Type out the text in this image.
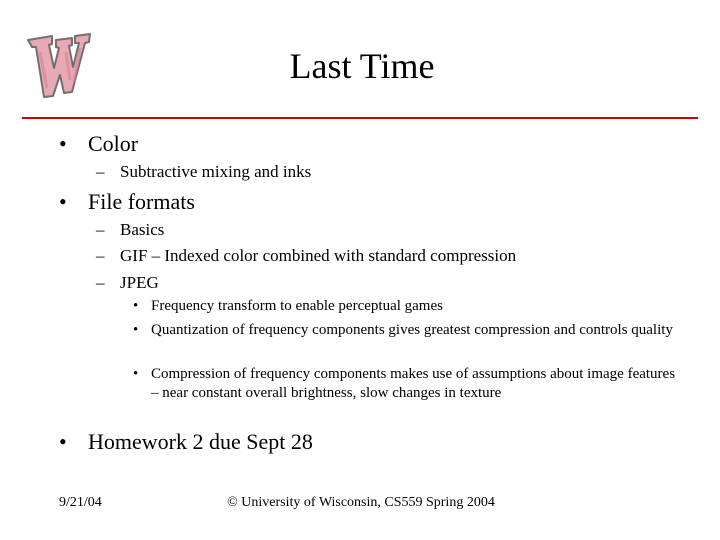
Last Time
• Color
– Subtractive mixing and inks
• File formats
– Basics
– GIF – Indexed color combined with standard compression
– JPEG
• Frequency transform to enable perceptual games
• Quantization of frequency components gives greatest compression and controls quality
• Compression of frequency components makes use of assumptions about image features – near constant overall brightness, slow changes in texture
• Homework 2 due Sept 28
9/21/04	© University of Wisconsin, CS559 Spring 2004
